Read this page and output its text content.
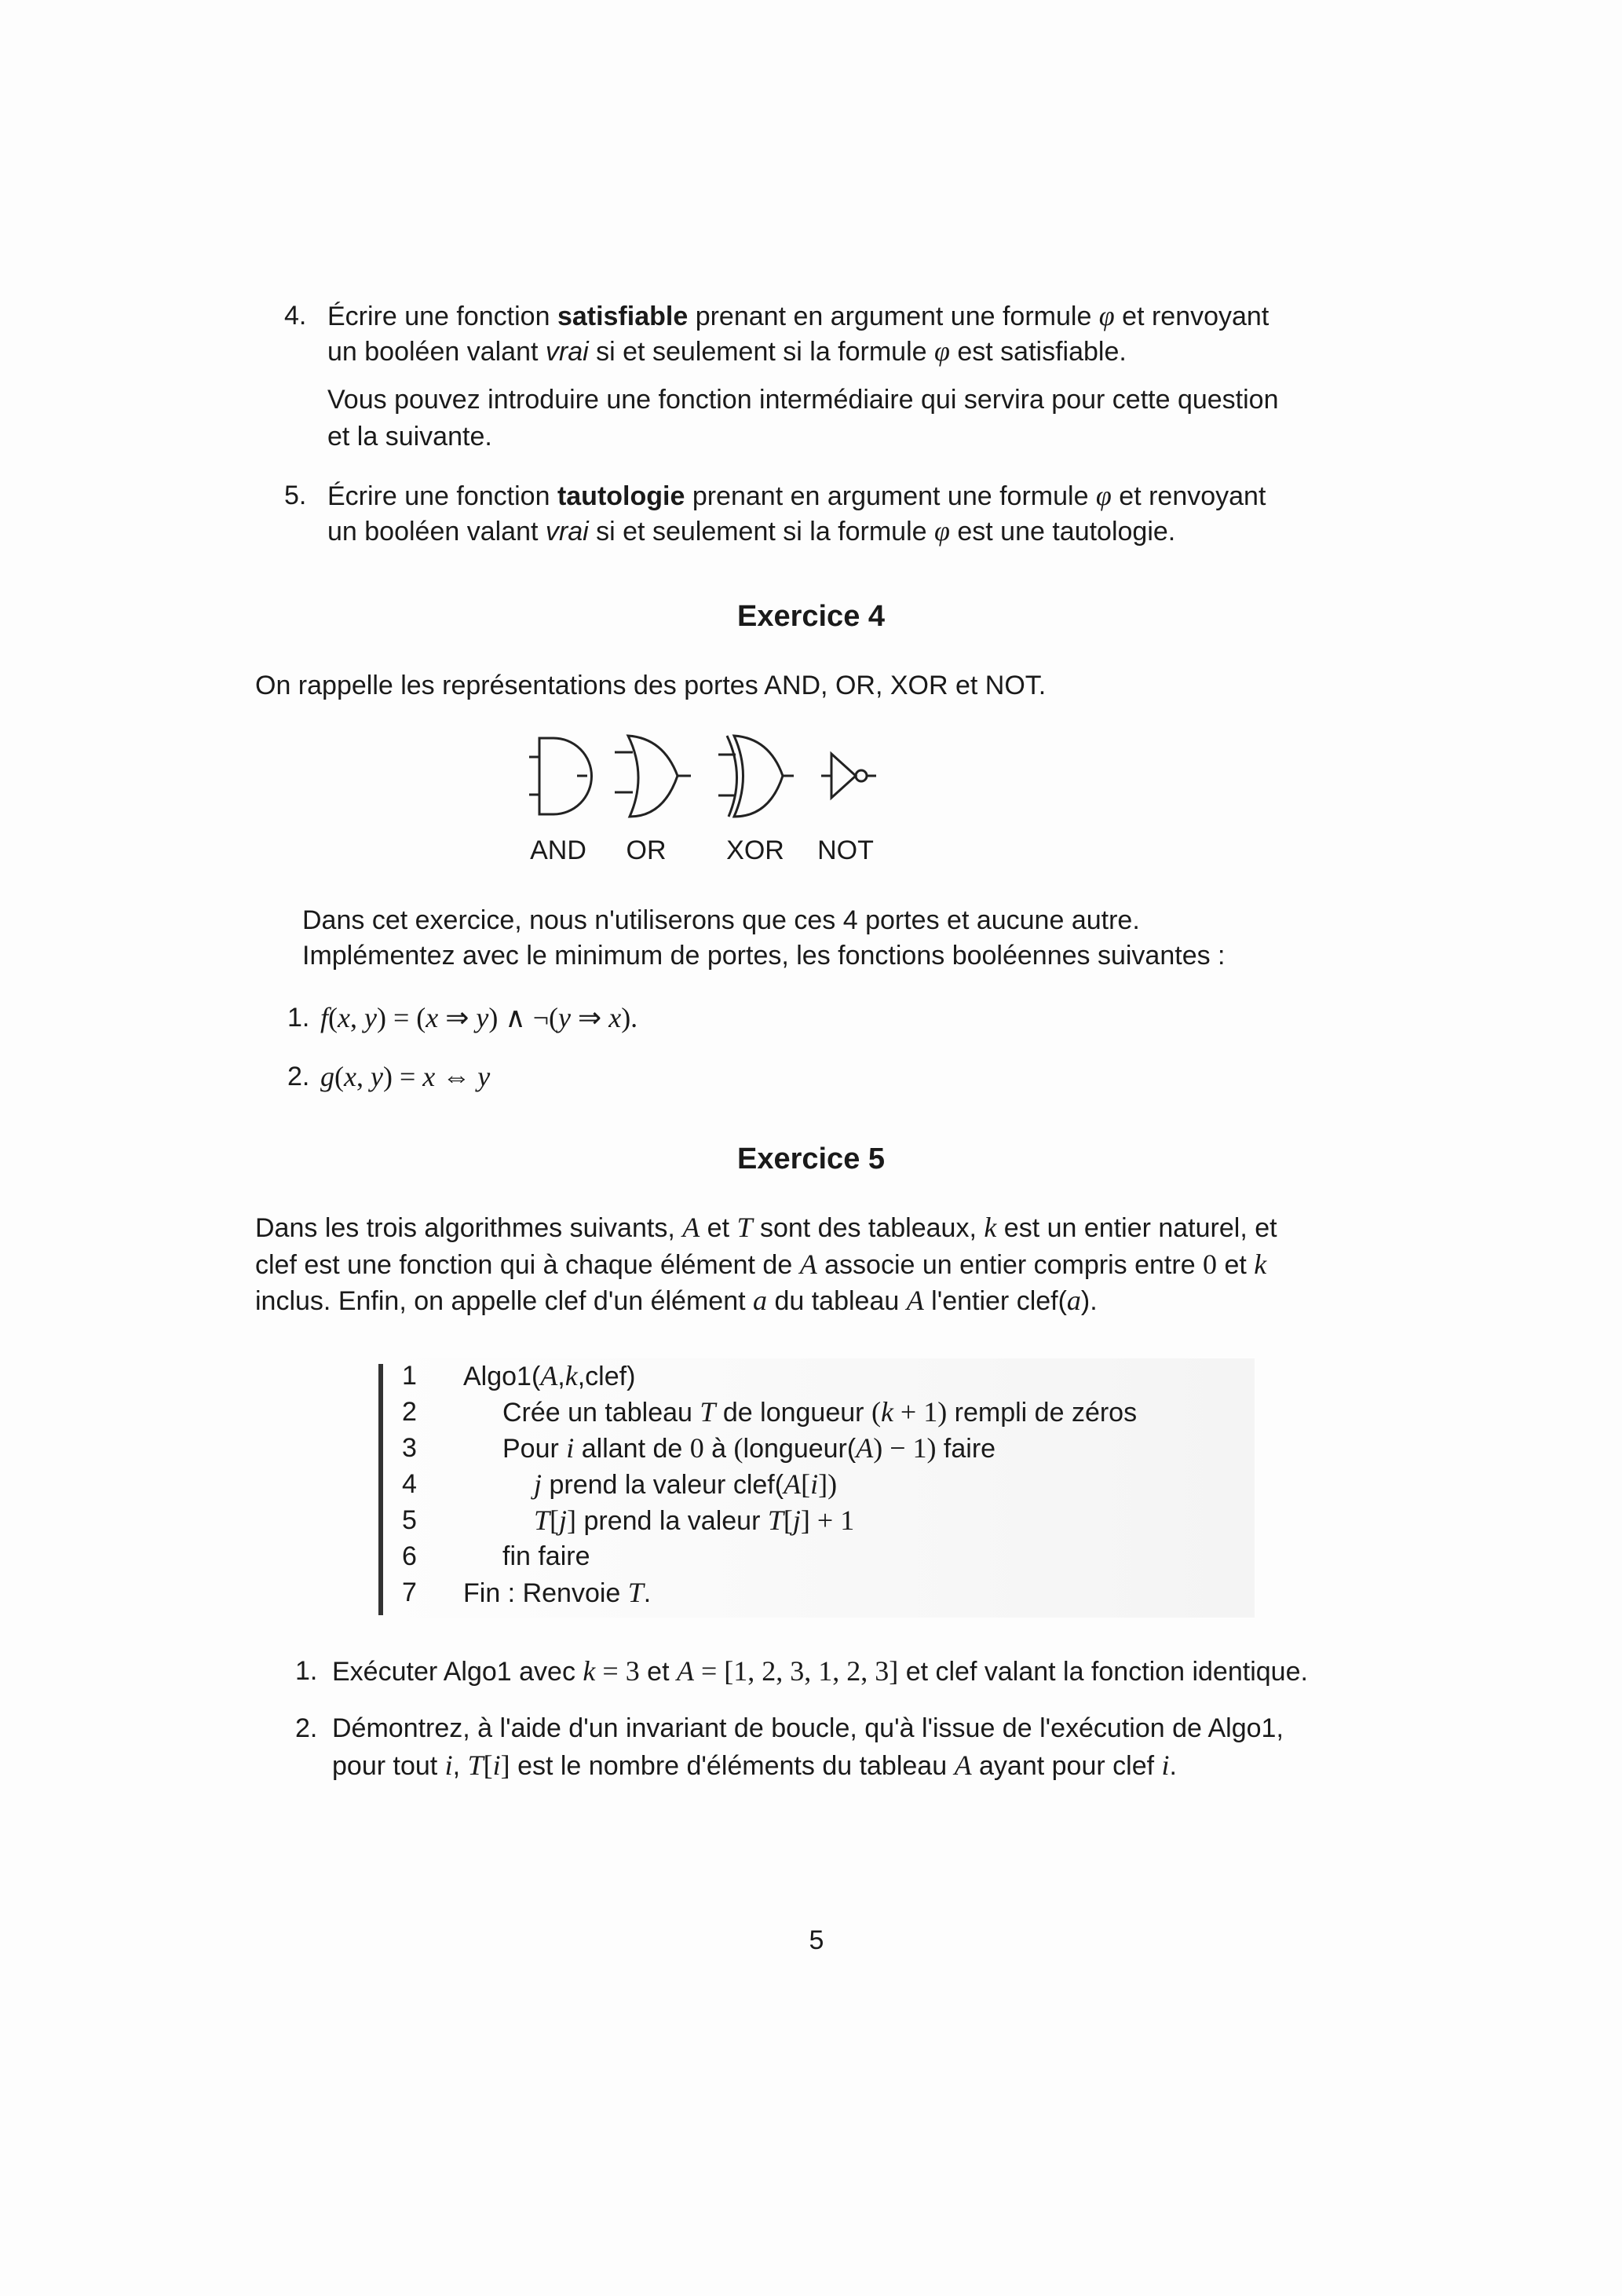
Exercice 4
On rappelle les représentations des portes AND, OR, XOR et NOT.
AND OR XOR NOT
Exercice 5
5
4. Écrire une fonction satisfiable prenant en argument une formule φ et renvoyant
un booléen valant vrai si et seulement si la formule φ est satisfiable.
Vous pouvez introduire une fonction intermédiaire qui servira pour cette question
et la suivante.
5. Écrire une fonction tautologie prenant en argument une formule φ et renvoyant
un booléen valant vrai si et seulement si la formule φ est une tautologie.
Dans cet exercice, nous n'utiliserons que ces 4 portes et aucune autre.
Implémentez avec le minimum de portes, les fonctions booléennes suivantes :
1. f(x, y) = (x ⇒ y) ∧ ¬(y ⇒ x).
2. g(x, y) = x ⇔ y
Dans les trois algorithmes suivants, A et T sont des tableaux, k est un entier naturel, et
clef est une fonction qui à chaque élément de A associe un entier compris entre 0 et k
inclus. Enfin, on appelle clef d'un élément a du tableau A l'entier clef(a).
1 Algo1(A,k,clef)
2	Crée un tableau T de longueur (k + 1) rempli de zéros
3	Pour i allant de 0 à (longueur(A) − 1) faire
4	j prend la valeur clef(A[i])
5	T[j] prend la valeur T[j] + 1
6	fin faire
7 Fin : Renvoie T.
1. Exécuter Algo1 avec k = 3 et A = [1, 2, 3, 1, 2, 3] et clef valant la fonction identique.
2. Démontrez, à l'aide d'un invariant de boucle, qu'à l'issue de l'exécution de Algo1,
pour tout i, T[i] est le nombre d'éléments du tableau A ayant pour clef i.
